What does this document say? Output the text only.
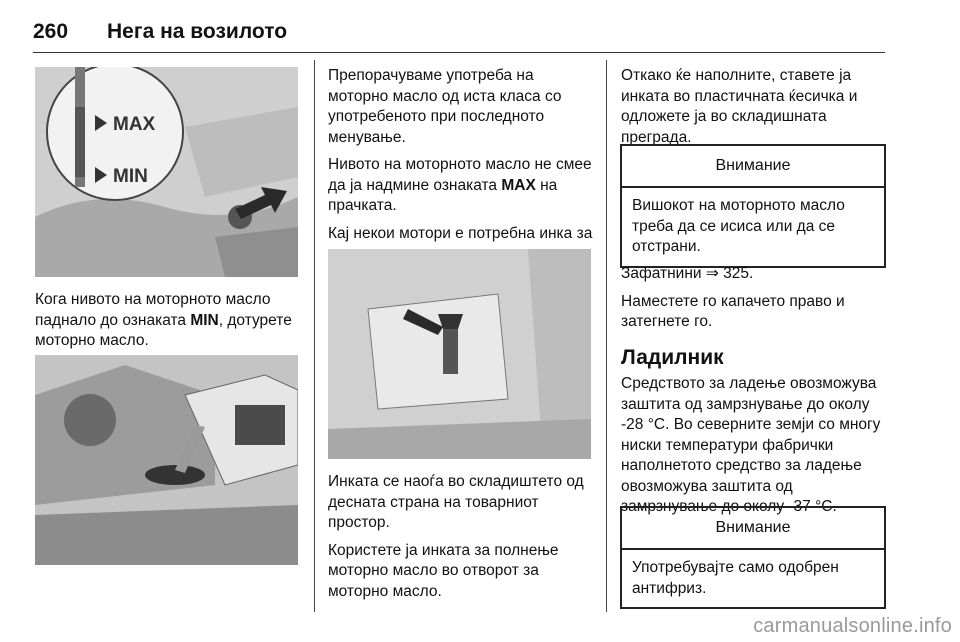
260 Нега на возилото
MAX
MIN

Кога нивото на моторното масло паднало до ознаката MIN, дотурете моторно масло.

Препорачуваме употреба на моторно масло од иста класа со употребеното при последното менување.

Нивото на моторното масло не смее да ја надмине ознаката MAX на прачката.

Кај некои мотори е потребна инка за

Инката се наоѓа во складиштето од десната страна на товарниот простор.

Користете ја инката за полнење моторно масло во отворот за моторно масло.

Откако ќе наполните, ставете ја инката во пластичната ќесичка и одложете ја во складишната преграда.

Внимание
Вишокот на моторното масло треба да се исиса или да се отстрани.

Зафатнини ⇒ 325.

Наместете го капачето право и затегнете го.

Ладилник

Средството за ладење овозможува заштита од замрзнување до околу -28 °C. Во северните земји со многу ниски температури фабрички наполнетото средство за ладење овозможува заштита од замрзнување до околу -37 °C.

Внимание
Употребувајте само одобрен антифриз.
carmanualsonline.info
